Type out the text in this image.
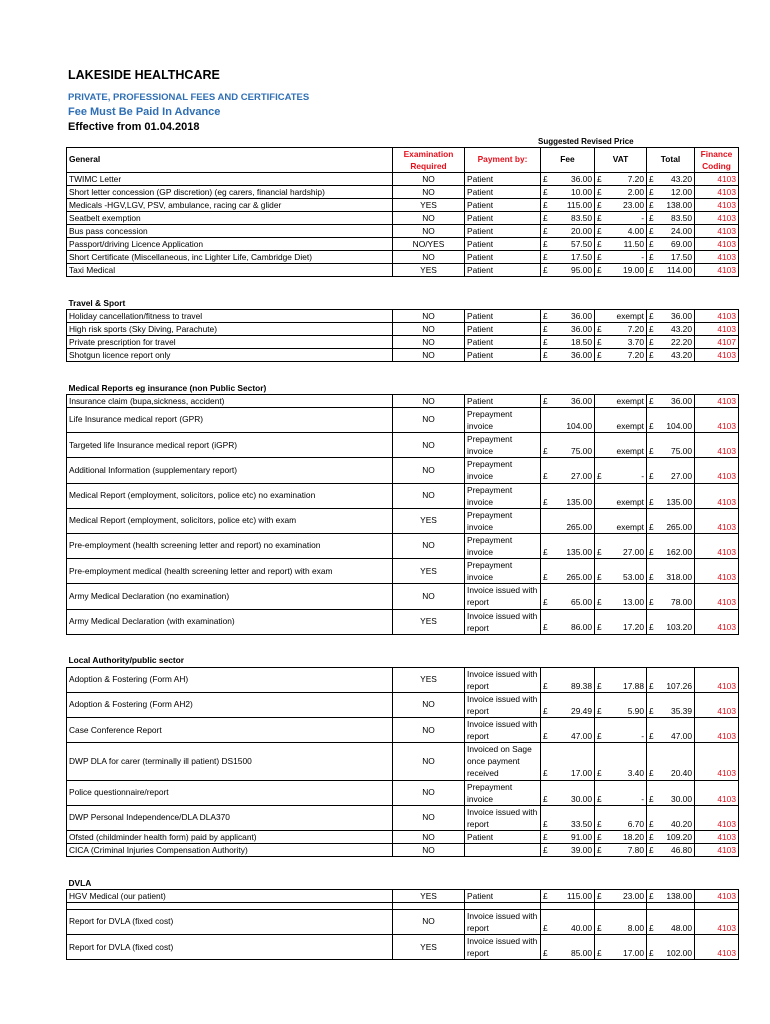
LAKESIDE HEALTHCARE
PRIVATE, PROFESSIONAL FEES AND CERTIFICATES
Fee Must Be Paid In Advance
Effective from 01.04.2018
Suggested Revised Price
General	Examination Required	Payment by:	Fee	VAT	Total	Finance Coding
TWIMC Letter	NO	Patient	£ 36.00	£ 7.20	£ 43.20	4103
Short letter concession (GP discretion) (eg carers, financial hardship)	NO	Patient	£ 10.00	£ 2.00	£ 12.00	4103
Medicals -HGV,LGV, PSV, ambulance, racing car & glider	YES	Patient	£ 115.00	£ 23.00	£ 138.00	4103
Seatbelt exemption	NO	Patient	£ 83.50	£ -	£ 83.50	4103
Bus pass concession	NO	Patient	£ 20.00	£ 4.00	£ 24.00	4103
Passport/driving Licence Application	NO/YES	Patient	£ 57.50	£ 11.50	£ 69.00	4103
Short Certificate (Miscellaneous, inc Lighter Life, Cambridge Diet)	NO	Patient	£ 17.50	£ -	£ 17.50	4103
Taxi Medical	YES	Patient	£ 95.00	£ 19.00	£ 114.00	4103

Travel & Sport						
Holiday cancellation/fitness to travel	NO	Patient	£ 36.00	exempt	£ 36.00	4103
High risk sports (Sky Diving, Parachute)	NO	Patient	£ 36.00	£ 7.20	£ 43.20	4103
Private prescription for travel	NO	Patient	£ 18.50	£ 3.70	£ 22.20	4107
Shotgun licence report only	NO	Patient	£ 36.00	£ 7.20	£ 43.20	4103

Medical Reports eg insurance (non Public Sector)						
Insurance claim (bupa,sickness, accident)	NO	Patient	£ 36.00	exempt	£ 36.00	4103
Life Insurance medical report (GPR)	NO	Prepayment invoice	104.00	exempt	£ 104.00	4103
Targeted life Insurance medical report (iGPR)	NO	Prepayment invoice	£ 75.00	exempt	£ 75.00	4103
Additional Information (supplementary report)	NO	Prepayment invoice	£ 27.00	£ -	£ 27.00	4103
Medical Report (employment, solicitors, police etc) no examination	NO	Prepayment invoice	£ 135.00	exempt	£ 135.00	4103
Medical Report (employment, solicitors, police etc) with exam	YES	Prepayment invoice	265.00	exempt	£ 265.00	4103
Pre-employment (health screening letter and report) no examination	NO	Prepayment invoice	£ 135.00	£ 27.00	£ 162.00	4103
Pre-employment medical (health screening letter and report) with exam	YES	Prepayment invoice	£ 265.00	£ 53.00	£ 318.00	4103
Army Medical Declaration (no examination)	NO	Invoice issued with report	£ 65.00	£ 13.00	£ 78.00	4103
Army Medical Declaration (with examination)	YES	Invoice issued with report	£ 86.00	£ 17.20	£ 103.20	4103

Local Authority/public sector						
Adoption & Fostering (Form AH)	YES	Invoice issued with report	£ 89.38	£ 17.88	£ 107.26	4103
Adoption & Fostering (Form AH2)	NO	Invoice issued with report	£ 29.49	£ 5.90	£ 35.39	4103
Case Conference Report	NO	Invoice issued with report	£ 47.00	£ -	£ 47.00	4103
DWP DLA for carer (terminally ill patient) DS1500	NO	Invoiced on Sage once payment received	£ 17.00	£ 3.40	£ 20.40	4103
Police questionnaire/report	NO	Prepayment invoice	£ 30.00	£ -	£ 30.00	4103
DWP Personal Independence/DLA DLA370	NO	Invoice issued with report	£ 33.50	£ 6.70	£ 40.20	4103
Ofsted (childminder health form) paid by applicant)	NO	Patient	£ 91.00	£ 18.20	£ 109.20	4103
CICA (Criminal Injuries Compensation Authority)	NO		£ 39.00	£ 7.80	£ 46.80	4103

DVLA						
HGV Medical (our patient)	YES	Patient	£ 115.00	£ 23.00	£ 138.00	4103

Report for DVLA (fixed cost)	NO	Invoice issued with report	£ 40.00	£ 8.00	£ 48.00	4103
Report for DVLA (fixed cost)	YES	Invoice issued with report	£ 85.00	£ 17.00	£ 102.00	4103
